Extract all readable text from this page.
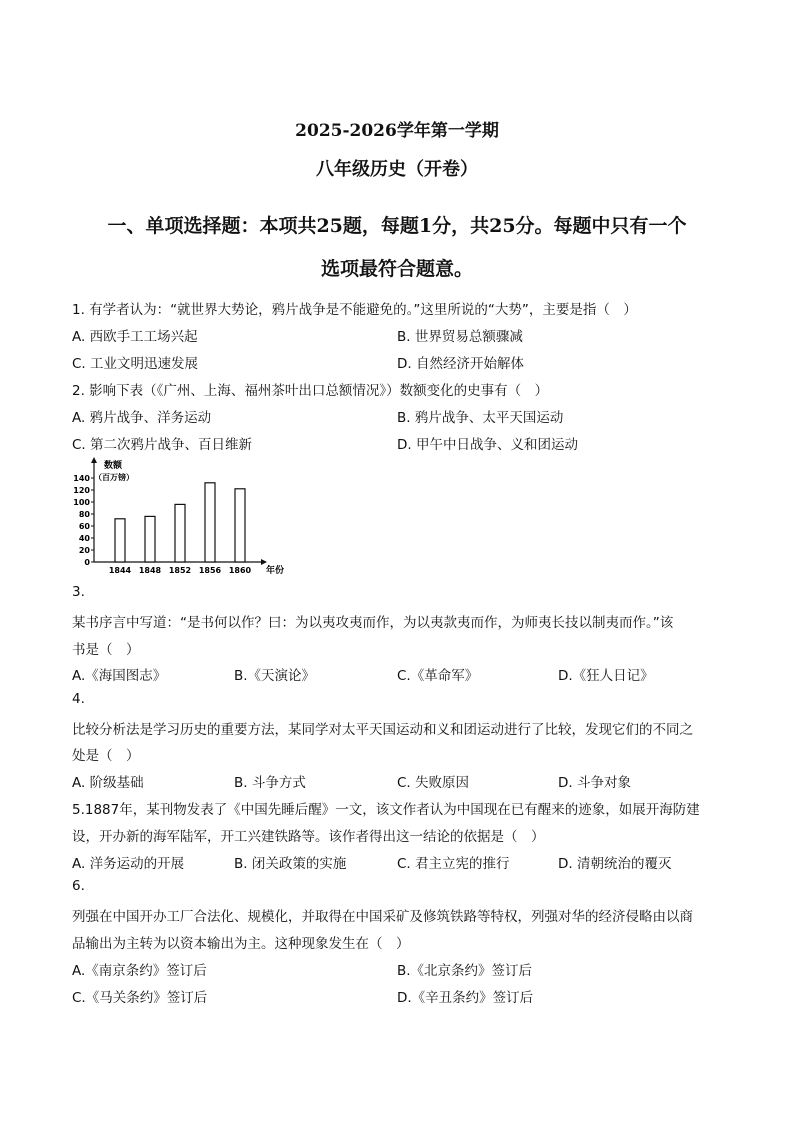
2025-2026学年第一学期
八年级历史（开卷）
一、单项选择题：本项共25题，每题1分，共25分。每题中只有一个
选项最符合题意。
1. 有学者认为：“就世界大势论，鸦片战争是不能避免的。”这里所说的“大势”，主要是指（　）
A. 西欧手工工场兴起	B. 世界贸易总额骤减
C. 工业文明迅速发展	D. 自然经济开始解体
2. 影响下表（《广州、上海、福州茶叶出口总额情况》）数额变化的史事有（　）
A. 鸦片战争、洋务运动	B. 鸦片战争、太平天国运动
C. 第二次鸦片战争、百日维新	D. 甲午中日战争、义和团运动
0
20
40
60
80
100
120
140
1844 1848 1852 1856 1860
数额
（百万镑）
年份
3.
某书序言中写道：“是书何以作？曰：为以夷攻夷而作，为以夷款夷而作，为师夷长技以制夷而作。”该
书是（　）
A.《海国图志》	B.《天演论》	C.《革命军》	D.《狂人日记》
4.
比较分析法是学习历史的重要方法，某同学对太平天国运动和义和团运动进行了比较，发现它们的不同之
处是（　）
A. 阶级基础	B. 斗争方式	C. 失败原因	D. 斗争对象
5.1887年，某刊物发表了《中国先睡后醒》一文，该文作者认为中国现在已有醒来的迹象，如展开海防建
设，开办新的海军陆军，开工兴建铁路等。该作者得出这一结论的依据是（　）
A. 洋务运动的开展	B. 闭关政策的实施	C. 君主立宪的推行	D. 清朝统治的覆灭
6.
列强在中国开办工厂合法化、规模化，并取得在中国采矿及修筑铁路等特权，列强对华的经济侵略由以商
品输出为主转为以资本输出为主。这种现象发生在（　）
A.《南京条约》签订后	B.《北京条约》签订后
C.《马关条约》签订后	D.《辛丑条约》签订后
